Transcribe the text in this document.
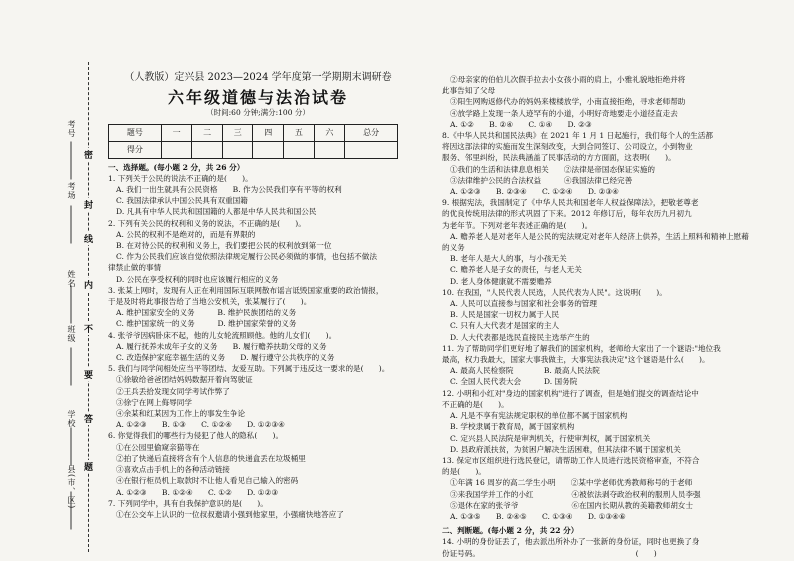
考号
考场
姓名
班级
学校
县(市、区)
密
封
线
内
不
要
答
题
（人教版）定兴县 2023—2024 学年度第一学期期末调研卷
六年级道德与法治试卷
（时间:60 分钟;满分:100 分）
题号	一	二	三	四	五	六	总分
得分							
一、选择题。(每小题 2 分，共 26 分）
1. 下列关于公民的说法不正确的是(　　)。
A. 我们一出生就具有公民资格　　B. 作为公民我们享有平等的权利
C. 我国法律承认中国公民具有双重国籍
D. 凡具有中华人民共和国国籍的人都是中华人民共和国公民
2. 下列有关公民的权利和义务的说法，不正确的是(　　)。
A. 公民的权利不是绝对的，而是有界限的
B. 在对待公民的权利和义务上，我们要把公民的权利放到第一位
C. 作为公民我们应该自觉依照法律规定履行公民必须做的事情，也包括不做法
律禁止做的事情
D. 公民在享受权利的同时也应该履行相应的义务
3. 张某上网时，发现有人正在利用国际互联网散布谣言诋毁国家重要的政治情报，
于是及时将此事报告给了当地公安机关，张某履行了(　　)。
A. 维护国家安全的义务　　　B. 维护民族团结的义务
C. 维护国家统一的义务　　　D. 维护国家荣誉的义务
4. 张爷爷因病卧床不起，他的儿女轮流照顾他。他的儿女们(　　)。
A. 履行抚养未成年子女的义务　　B. 履行赡养扶助父母的义务
C. 改造保护家庭幸福生活的义务　　D. 履行遵守公共秩序的义务
5. 我们与同学间相处应当平等团结、友爱互助。下列属于违反这一要求的是(　　)。
①徐敏给爸爸团结妈妈数据开着向驾驶证
②王兵丢拾发现女同学考试作弊了
③徐宁在网上侮辱同学
④余某和红某因为工作上的事发生争论
A. ①②③　　B. ①③　　C. ①②④　　D. ①②③④
6. 你觉得我们的哪些行为侵犯了他人的隐私(　　)。
①在公园里偷窥亲猫等在
②拍了快递后直接将含有个人信息的快递盒丢在垃圾桶里
③喜欢点击手机上的各种活动链接
④在银行柜员机上取款时不让他人看见自己输入的密码
A. ①②③　　B. ①②④　　C. ①②　　D. ①②③
7. 下列同学中，具有自我保护意识的是(　　)。
①在公交车上认识的一位叔叔邀请小强到他家里，小强痛快地答应了
②母亲家的伯伯儿次假手拉去小女孩小雨的肩上，小雅礼貌地拒绝并将
此事告知了父母
③阳生网购返修代办的妈妈来楼楼放学，小南直接拒绝，寻求老师帮助
④放学路上发现一条人迹罕有的小道，小明好奇地要走小道径直走去
A. ①②　　B. ②④　　C. ①④　　D. ②③
8.《中华人民共和国民法典》在 2021 年 1 月 1 日起施行，我们每个人的生活都
将因这部法律的实施而发生深刻改变，大到合同签订、公司设立，小到物业
服务、邻里纠纷，民法典涵盖了民事活动的方方面面，这表明(　　)。
①我们的生活和法律息息相关　　②法律是帝国态保证实施的
③法律维护公民的合法权益　　　④我国法律已经完善
A. ①②③　　B. ②③④　　C. ①②④　　D. ②③④
9. 根据宪法，我国制定了《中华人民共和国老年人权益保障法》，把敬老尊老
的优良传统用法律的形式巩固了下来。2012 年修订后，每年农历九月初九
为老年节。下列对老年表述正确的是(　　)。
A. 赡养老人是对老年人是公民的宪法规定对老年人经济上供养，生活上照料和精神上慰藉
的义务
B. 老年人是大人的事，与小孩无关
C. 赡养老人是子女的责任，与老人无关
D. 老人身体健康就不需要赡养
10. 在我国，"人民代表人民选，人民代表为人民"。这说明(　　)。
A. 人民可以直接参与国家和社会事务的管理
B. 人民是国家一切权力属于人民
C. 只有人大代表才是国家的主人
D. 人大代表都是选民直接民主选举产生的
11. 为了帮助同学们更好地了解我们的国家机构，老师给大家出了一个谜语:"地位我
最高，权力我最大，国家大事我做主，大事宪法我决定"这个谜语是什么(　　)。
A. 最高人民检察院　　　　B. 最高人民法院
C. 全国人民代表大会　　　D. 国务院
12. 小明和小红对"身边的国家机构"进行了调查，但是她们提交的调查结论中
不正确的是(　　)。
A. 凡是不享有宪法规定职权的单位都不属于国家机构
B. 学校隶属于教育局，属于国家机构
C. 定兴县人民法院是审判机关，行使审判权，属于国家机关
D. 县政府派扶贫，为贫困户解决生活困难，但其法律不属于国家机关
13. 保定市区组织进行选民登记，请帮助工作人员进行选民资格审查，不符合
的是(　　)。
①年满 16 周岁的高二学生小明　　②某中学老师优秀教师称号的于老师
③来我国学并工作的小红　　　　　④被依法剥夺政治权利的服刑人员李强
⑤退休在家的张爷爷　　　　　　　⑥在国内长期从教的美籍教师胡女士
A. ①③⑤　　B. ②④⑤　　C. ①③④　　D. ①③④⑥
二、判断题。(每小题 2 分，共 22 分）
14. 小明的身份证丢了，他去派出所补办了一张新的身份证，同时也更换了身
份证号码。　　　　　　　　　　　　　　　　　　　　　(　　)
